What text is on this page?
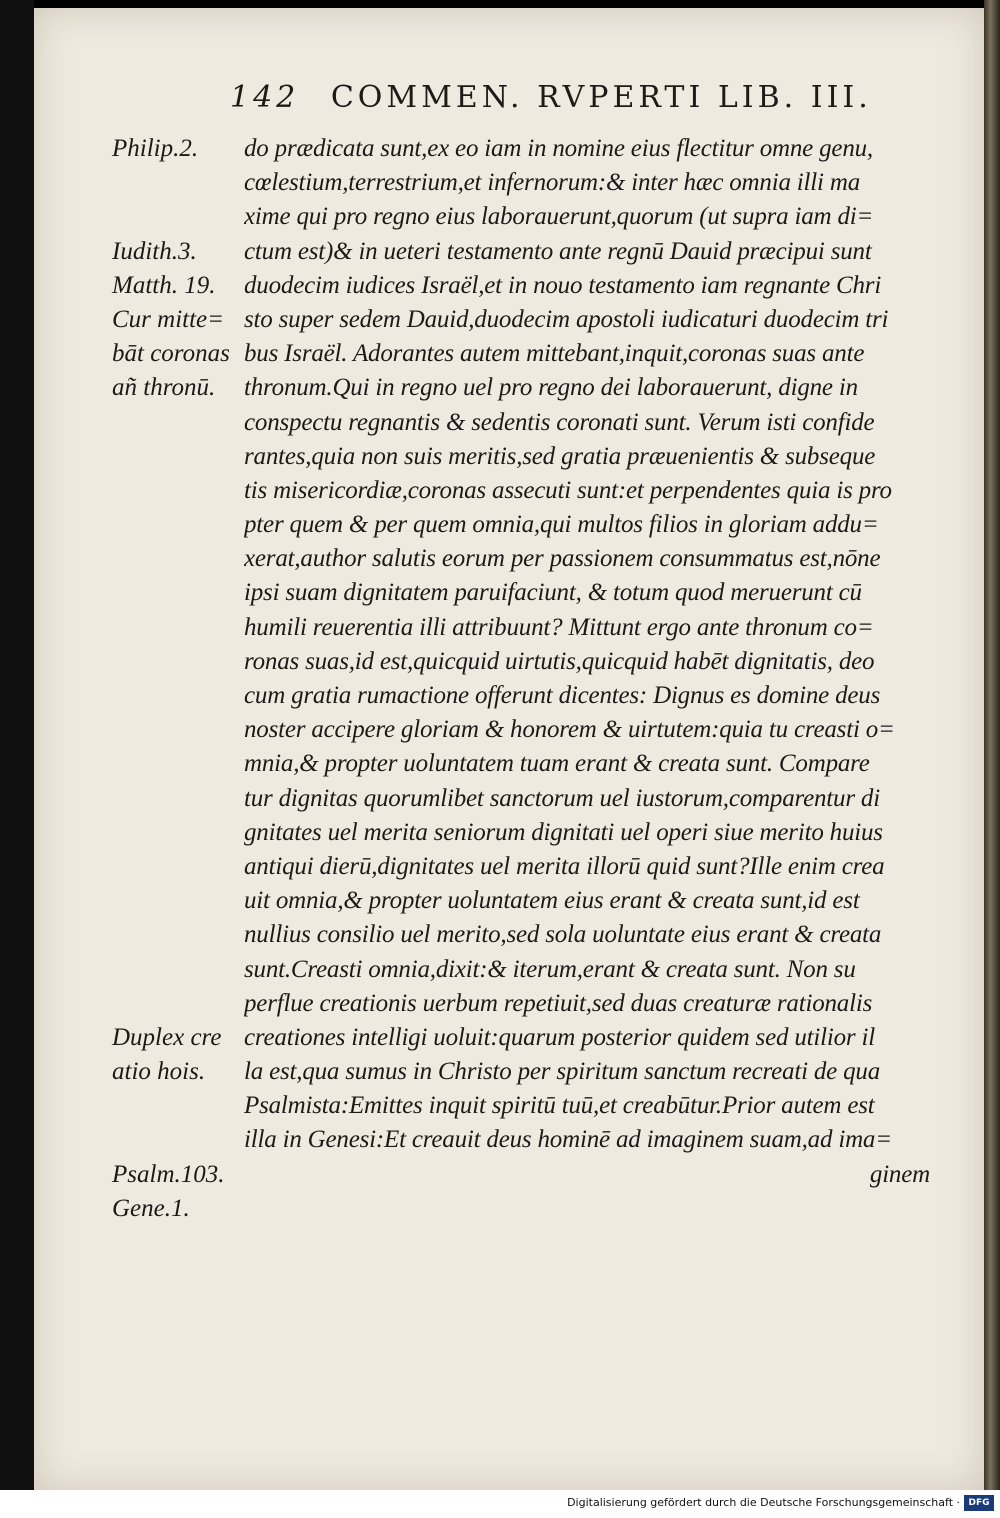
142 COMMEN. RVPERTI LIB. III.
Philip.2.
Iudith.3.
Matth. 19.
Cur mitte=
bāt coronas
añ thronū.
Duplex cre
atio hois.
Psalm.103.
Gene.1.
do prædicata sunt,ex eo iam in nomine eius flectitur omne genu,
cœlestium,terrestrium,et infernorum:& inter hæc omnia illi ma
xime qui pro regno eius laborauerunt,quorum (ut supra iam di=
ctum est)& in ueteri testamento ante regnū Dauid præcipui sunt
duodecim iudices Israël,et in nouo testamento iam regnante Chri
sto super sedem Dauid,duodecim apostoli iudicaturi duodecim tri
bus Israël. Adorantes autem mittebant,inquit,coronas suas ante
thronum.Qui in regno uel pro regno dei laborauerunt, digne in
conspectu regnantis & sedentis coronati sunt. Verum isti confide
rantes,quia non suis meritis,sed gratia præuenientis & subseque
tis misericordiæ,coronas assecuti sunt:et perpendentes quia is pro
pter quem & per quem omnia,qui multos filios in gloriam addu=
xerat,author salutis eorum per passionem consummatus est,nōne
ipsi suam dignitatem paruifaciunt, & totum quod meruerunt cū
humili reuerentia illi attribuunt? Mittunt ergo ante thronum co=
ronas suas,id est,quicquid uirtutis,quicquid habēt dignitatis, deo
cum gratia rumactione offerunt dicentes: Dignus es domine deus
noster accipere gloriam & honorem & uirtutem:quia tu creasti o=
mnia,& propter uoluntatem tuam erant & creata sunt. Compare
tur dignitas quorumlibet sanctorum uel iustorum,comparentur di
gnitates uel merita seniorum dignitati uel operi siue merito huius
antiqui dierū,dignitates uel merita illorū quid sunt?Ille enim crea
uit omnia,& propter uoluntatem eius erant & creata sunt,id est
nullius consilio uel merito,sed sola uoluntate eius erant & creata
sunt.Creasti omnia,dixit:& iterum,erant & creata sunt. Non su
perflue creationis uerbum repetiuit,sed duas creaturæ rationalis
creationes intelligi uoluit:quarum posterior quidem sed utilior il
la est,qua sumus in Christo per spiritum sanctum recreati de qua
Psalmista:Emittes inquit spiritū tuū,et creabūtur.Prior autem est
illa in Genesi:Et creauit deus hominē ad imaginem suam,ad ima=
ginem
Digitalisierung gefördert durch die Deutsche Forschungsgemeinschaft · DFG
